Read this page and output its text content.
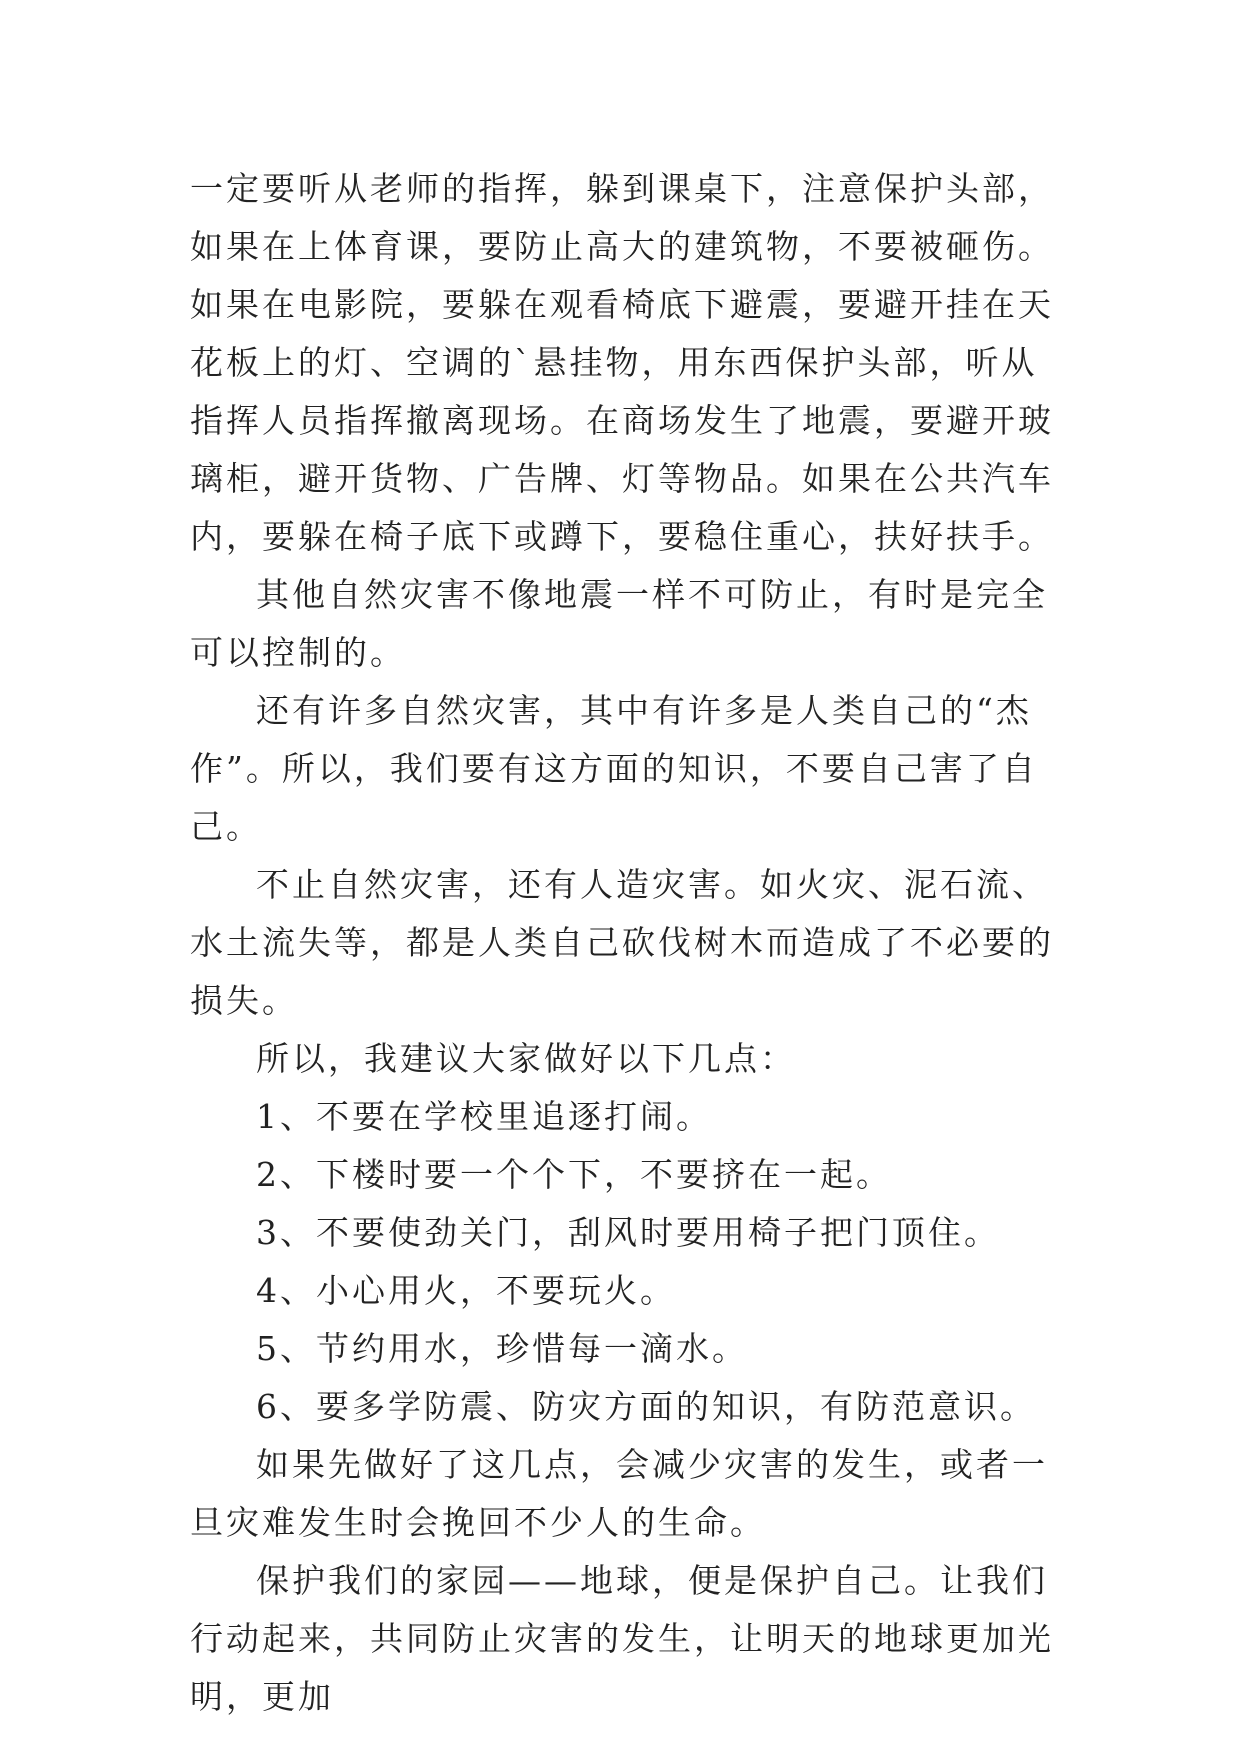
一定要听从老师的指挥，躲到课桌下，注意保护头部，如果在上体育课，要防止高大的建筑物，不要被砸伤。如果在电影院，要躲在观看椅底下避震，要避开挂在天花板上的灯、空调的`悬挂物，用东西保护头部，听从指挥人员指挥撤离现场。在商场发生了地震，要避开玻璃柜，避开货物、广告牌、灯等物品。如果在公共汽车内，要躲在椅子底下或蹲下，要稳住重心，扶好扶手。

其他自然灾害不像地震一样不可防止，有时是完全可以控制的。

还有许多自然灾害，其中有许多是人类自己的“杰作”。所以，我们要有这方面的知识，不要自己害了自己。

不止自然灾害，还有人造灾害。如火灾、泥石流、水土流失等，都是人类自己砍伐树木而造成了不必要的损失。

所以，我建议大家做好以下几点：

1、不要在学校里追逐打闹。

2、下楼时要一个个下，不要挤在一起。

3、不要使劲关门，刮风时要用椅子把门顶住。

4、小心用火，不要玩火。

5、节约用水，珍惜每一滴水。

6、要多学防震、防灾方面的知识，有防范意识。

如果先做好了这几点，会减少灾害的发生，或者一旦灾难发生时会挽回不少人的生命。

保护我们的家园——地球，便是保护自己。让我们行动起来，共同防止灾害的发生，让明天的地球更加光明，更加
